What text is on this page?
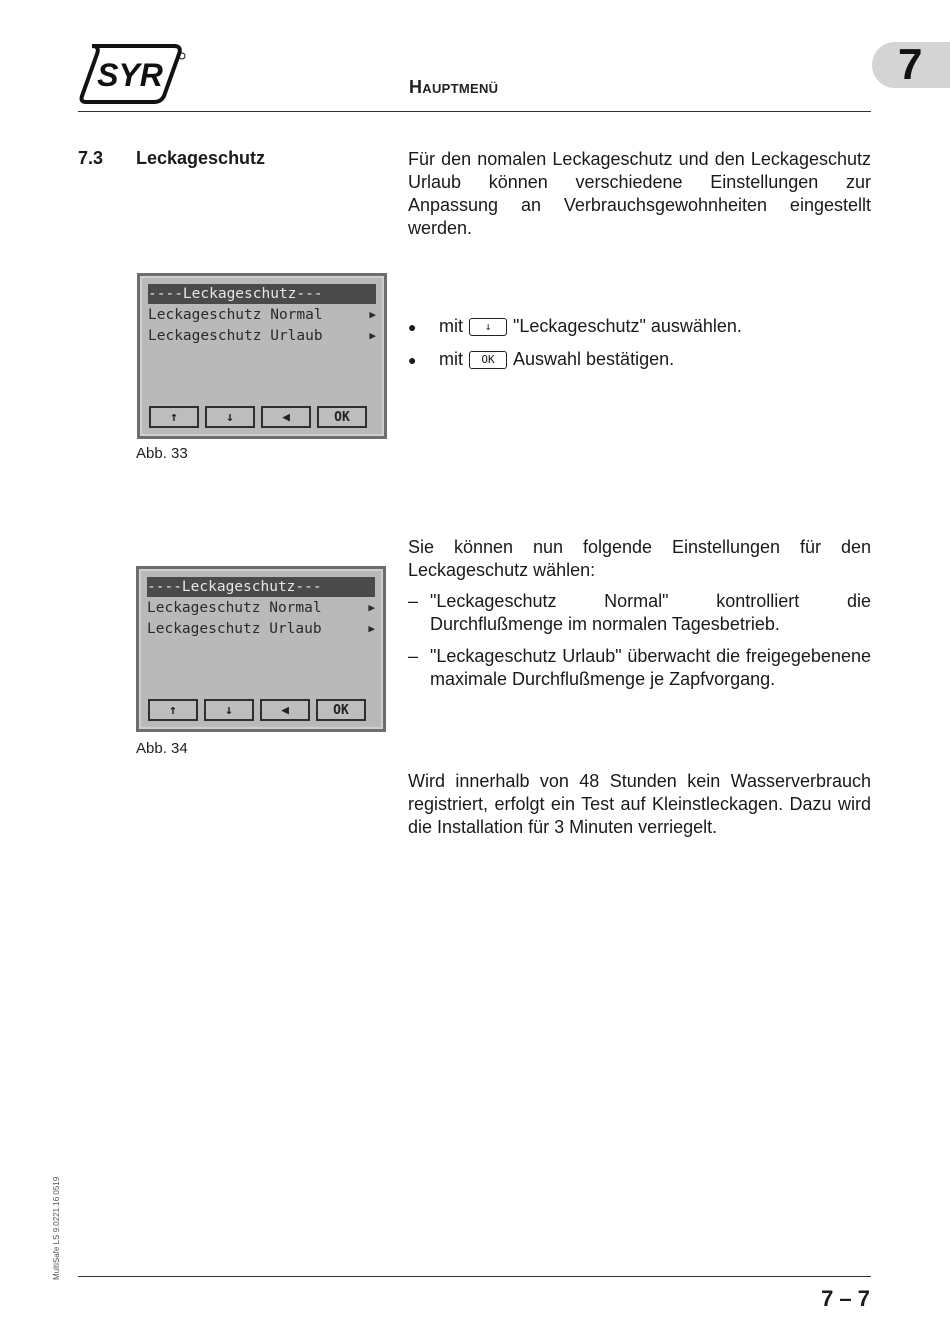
SYR	7
Hauptmenü
7.3 Leckageschutz	Für den nomalen Leckageschutz und den Leckageschutz Urlaub können verschiedene Einstellungen zur Anpassung an Verbrauchsgewohnheiten eingestellt werden.
----Leckageschutz---
Leckageschutz Normal	▶
Leckageschutz Urlaub	▶
↑	↓	◀	OK
Abb. 33
●	mit	↓	"Leckageschutz" auswählen.
●	mit	OK	Auswahl bestätigen.
----Leckageschutz---
Leckageschutz Normal	▶
Leckageschutz Urlaub	▶
↑	↓	◀	OK
Abb. 34
Sie können nun folgende Einstellungen für den Leckageschutz wählen:
– "Leckageschutz Normal" kontrolliert die Durchflußmenge im normalen Tagesbetrieb.
– "Leckageschutz Urlaub" überwacht die freigegebenene maximale Durchflußmenge je Zapfvorgang.
Wird innerhalb von 48 Stunden kein Wasserverbrauch registriert, erfolgt ein Test auf Kleinstleckagen. Dazu wird die Installation für 3 Minuten verriegelt.
MultiSafe LS 9.0221.16 0519
7 – 7
